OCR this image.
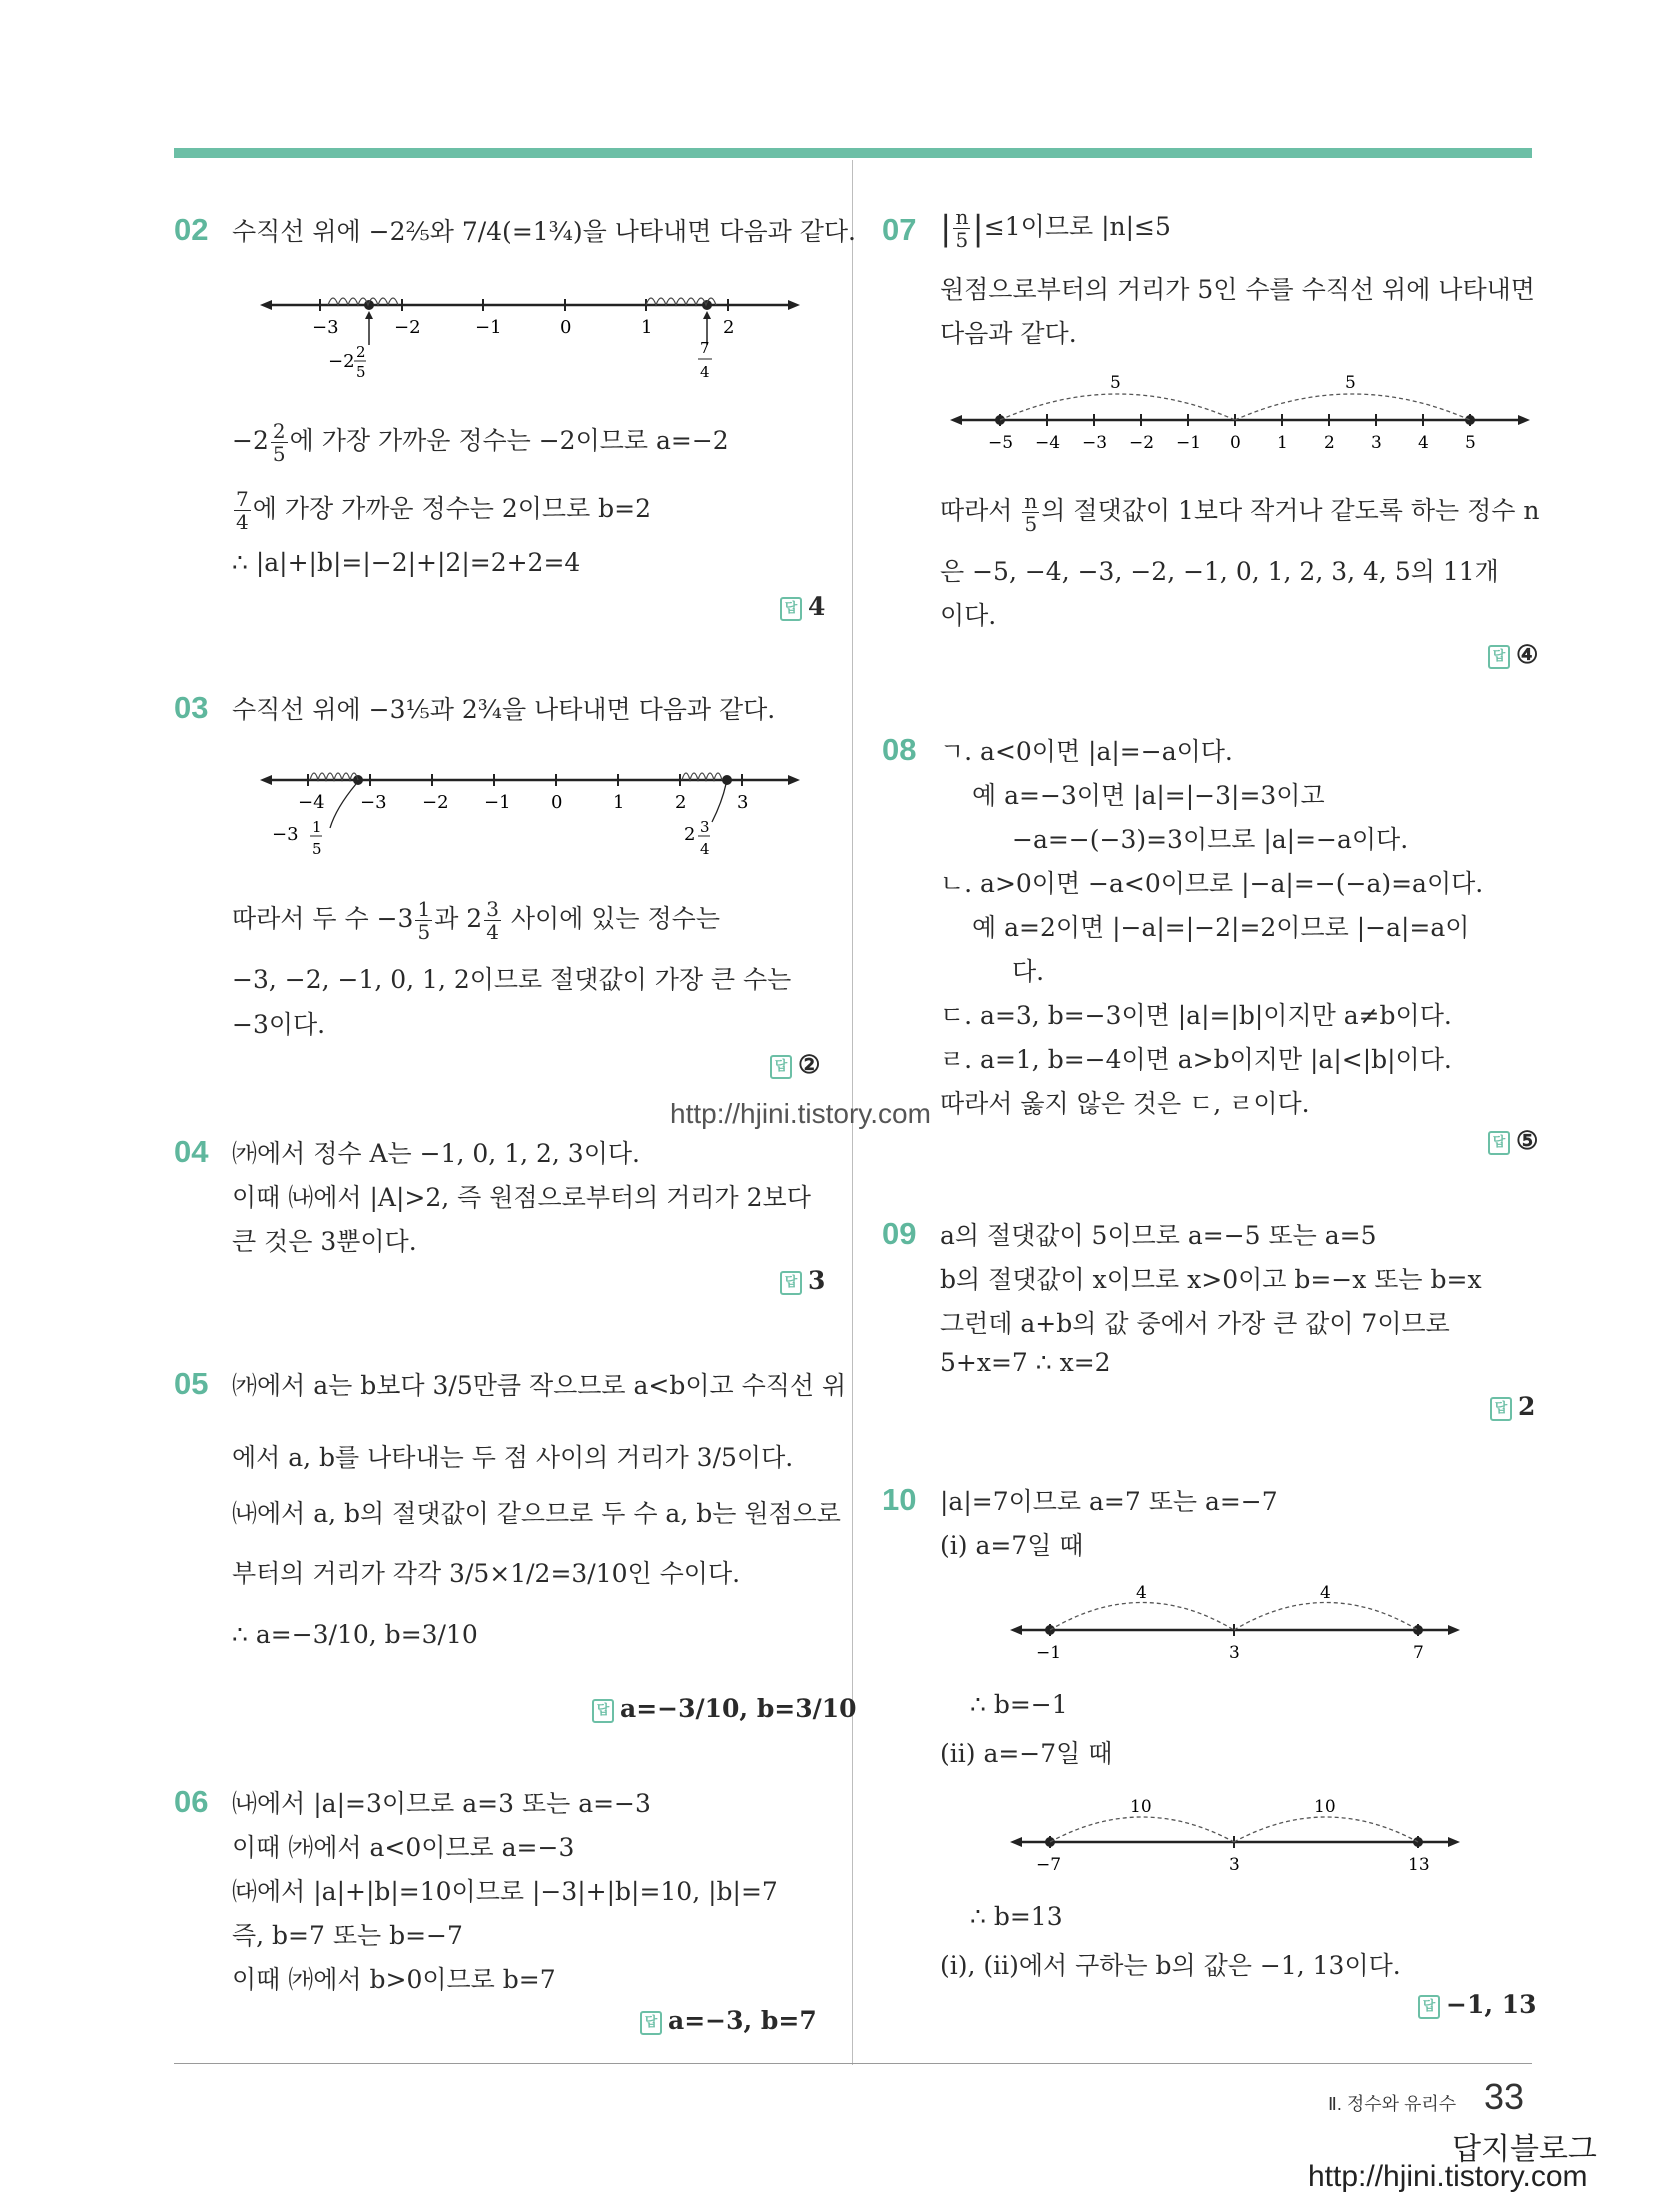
02 수직선 위에 −2⅖와 7/4(=1¾)을 나타내면 다음과 같다.
−3	−2	−1	0	1	2
−2 2
5
7
4
$-2 \frac{2}{5}$ 에 가장 가까운 정수는 −2이므로 a=−2
$\frac{7}{4}$ 에 가장 가까운 정수는 2이므로 b=2
∴ |a|+|b|=|−2|+|2|=2+2=4
답 4
03 수직선 위에 −3⅕과 2¾을 나타내면 다음과 같다.
−4 −3 −2 −1 0	1	2	3
−3 1
5
2 3
4
따라서 두 수 $-3 \frac{1}{5}$ 과 $2 \frac{3}{4}$ 사이에 있는 정수는
−3, −2, −1, 0, 1, 2이므로 절댓값이 가장 큰 수는
−3이다.
답 ②
04 ㈎에서 정수 A는 −1, 0, 1, 2, 3이다.
이때 ㈏에서 |A|>2, 즉 원점으로부터의 거리가 2보다
큰 것은 3뿐이다.
답 3
05 ㈎에서 a는 b보다 3/5만큼 작으므로 a<b이고 수직선 위
에서 a, b를 나타내는 두 점 사이의 거리가 3/5이다.
㈏에서 a, b의 절댓값이 같으므로 두 수 a, b는 원점으로
부터의 거리가 각각 3/5×1/2=3/10인 수이다.
∴ a=−3/10, b=3/10
답 a=−3/10, b=3/10
06 ㈏에서 |a|=3이므로 a=3 또는 a=−3
이때 ㈎에서 a<0이므로 a=−3
㈐에서 |a|+|b|=10이므로 |−3|+|b|=10, |b|=7
즉, b=7 또는 b=−7
이때 ㈎에서 b>0이므로 b=7
답 a=−3, b=7
07 | $\frac{n}{5} |\le 1$이므로 |n|≤5
원점으로부터의 거리가 5인 수를 수직선 위에 나타내면
다음과 같다.
5	5
−5 −4 −3 −2 −1 0 1 2 3 4 5
따라서 $\frac{n}{5}$ 의 절댓값이 1보다 작거나 같도록 하는 정수 n
은 −5, −4, −3, −2, −1, 0, 1, 2, 3, 4, 5의 11개
이다.
답 ④
08 ㄱ. a<0이면 |a|=−a이다.
예 a=−3이면 |a|=|−3|=3이고
−a=−(−3)=3이므로 |a|=−a이다.
ㄴ. a>0이면 −a<0이므로 |−a|=−(−a)=a이다.
예 a=2이면 |−a|=|−2|=2이므로 |−a|=a이
다.
ㄷ. a=3, b=−3이면 |a|=|b|이지만 a≠b이다.
ㄹ. a=1, b=−4이면 a>b이지만 |a|<|b|이다.
따라서 옳지 않은 것은 ㄷ, ㄹ이다.
답 ⑤
09 a의 절댓값이 5이므로 a=−5 또는 a=5
b의 절댓값이 x이므로 x>0이고 b=−x 또는 b=x
그런데 a+b의 값 중에서 가장 큰 값이 7이므로
5+x=7 ∴ x=2
답 2
10 |a|=7이므로 a=7 또는 a=−7
(ⅰ) a=7일 때
4	4
−1	3	7
∴ b=−1
(ⅱ) a=−7일 때
10	10
−7	3	13
∴ b=13
(ⅰ), (ⅱ)에서 구하는 b의 값은 −1, 13이다.
답 −1, 13
http://hjini.tistory.com
Ⅱ. 정수와 유리수 33
답지블로그
http://hjini.tistory.com
